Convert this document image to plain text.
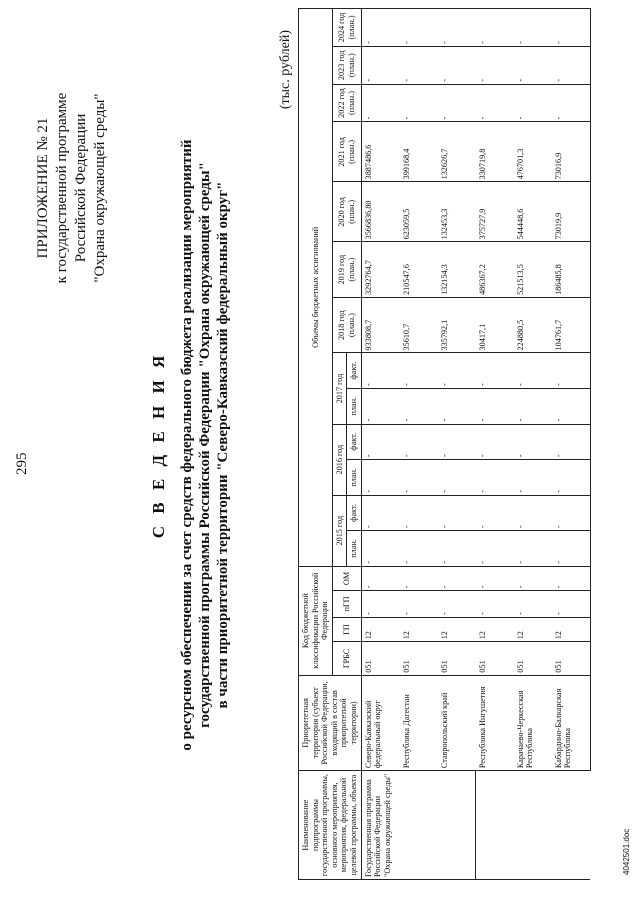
295
ПРИЛОЖЕНИЕ № 21 к государственной программе Российской Федерации "Охрана окружающей среды"
С В Е Д Е Н И Я о ресурсном обеспечении за счет средств федерального бюджета реализации мероприятий государственной программы Российской Федерации "Охрана окружающей среды" в части приоритетной территории "Северо-Кавказский федеральный округ"
(тыс. рублей)
Наименование подпрограммы государственной программы, основного мероприятия, мероприятия, федеральной целевой программы, объекта	Приоритетная территория (субъект Российской Федерации, входящий в состав приоритетной территории)	Код бюджетной классификации Российской Федерации				Объемы бюджетных ассигнований												
		ГРБС	ГП	пГП	ОМ	2015 год		2016 год		2017 год		2018 год (план.)	2019 год (план.)	2020 год (план.)	2021 год (план.)	2022 год (план.)	2023 год (план.)	2024 год (план.)
						план.	факт.	план.	факт.	план.	факт.							
Государственная программа Российской Федерации "Охрана окружающей среды"	Северо-Кавказский федеральный округ	051	12	-	-	-	-	-	-	-	-	933808,7	3292764,7	3566836,80	3887486,6	-	-	-
	Республика Дагестан	051	12	-	-	-	-	-	-	-	-	35610,7	210547,6	623059,5	399168,4	-	-	-
	Ставропольский край	051	12	-	-	-	-	-	-	-	-	335792,1	132154,3	132453,3	132626,7	-	-	-
	Республика Ингушетия	051	12	-	-	-	-	-	-	-	-	30417,1	486367,2	375727,9	330719,8	-	-	-
	Карачаево-Черкесская Республика	051	12	-	-	-	-	-	-	-	-	224880,5	521513,5	544448,6	476701,3	-	-	-
	Кабардино-Балкарская Республика	051	12	-	-	-	-	-	-	-	-	104761,7	186485,8	73019,9	73016,9	-	-	-
4042501.doc
